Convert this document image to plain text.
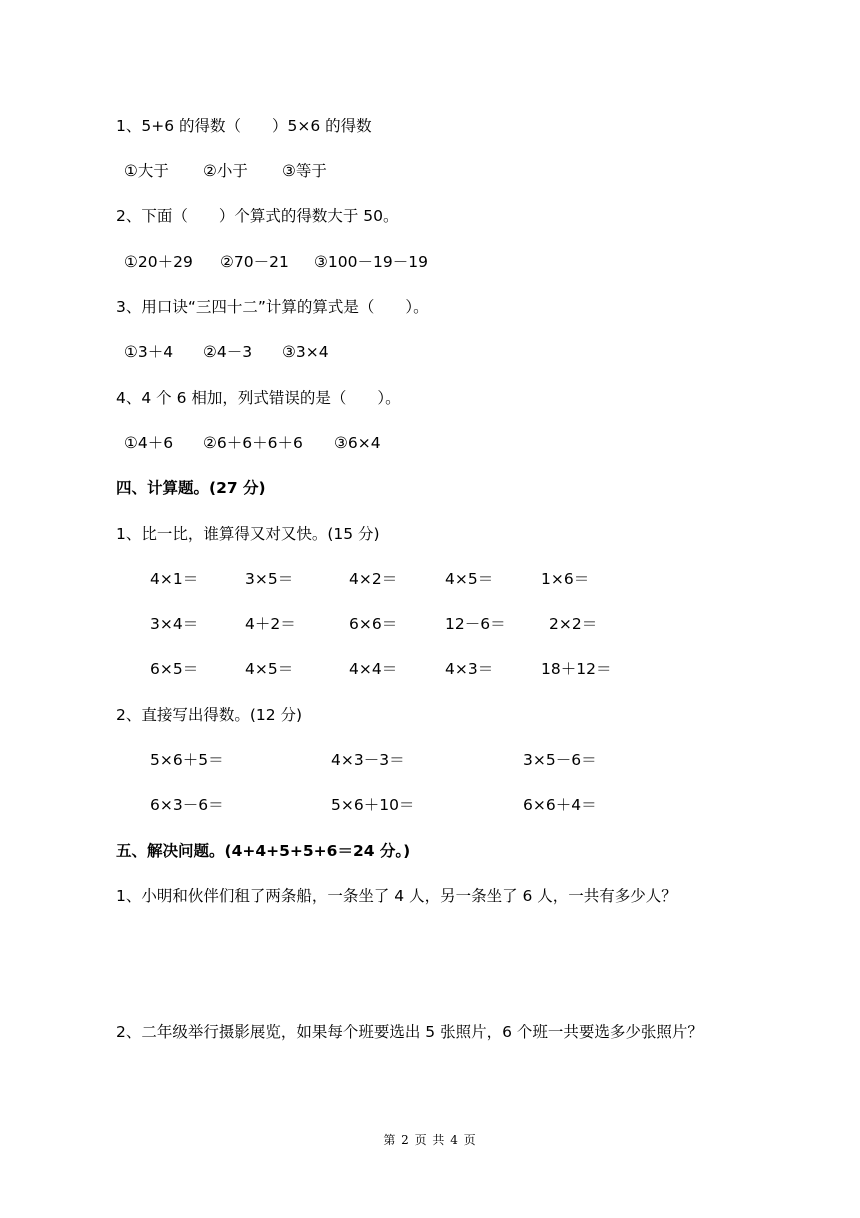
1、5+6 的得数（　　）5×6 的得数
①大于 ②小于 ③等于
2、下面（　　）个算式的得数大于 50。
①20＋29 ②70－21 ③100－19－19
3、用口诀“三四十二”计算的算式是（　　）。
①3＋4 ②4－3 ③3×4
4、4 个 6 相加，列式错误的是（　　）。
①4＋6 ②6＋6＋6＋6 ③6×4
四、计算题。(27 分)
1、比一比，谁算得又对又快。(15 分)
4×1＝	3×5＝	4×2＝	4×5＝	1×6＝
3×4＝	4＋2＝	6×6＝	12－6＝	2×2＝
6×5＝	4×5＝	4×4＝	4×3＝	18＋12＝
2、直接写出得数。(12 分)
5×6＋5＝	4×3－3＝	3×5－6＝
6×3－6＝	5×6＋10＝	6×6＋4＝
五、解决问题。(4+4+5+5+6＝24 分。)
1、小明和伙伴们租了两条船，一条坐了 4 人，另一条坐了 6 人，一共有多少人？
2、二年级举行摄影展览，如果每个班要选出 5 张照片，6 个班一共要选多少张照片？
第 2 页 共 4 页
